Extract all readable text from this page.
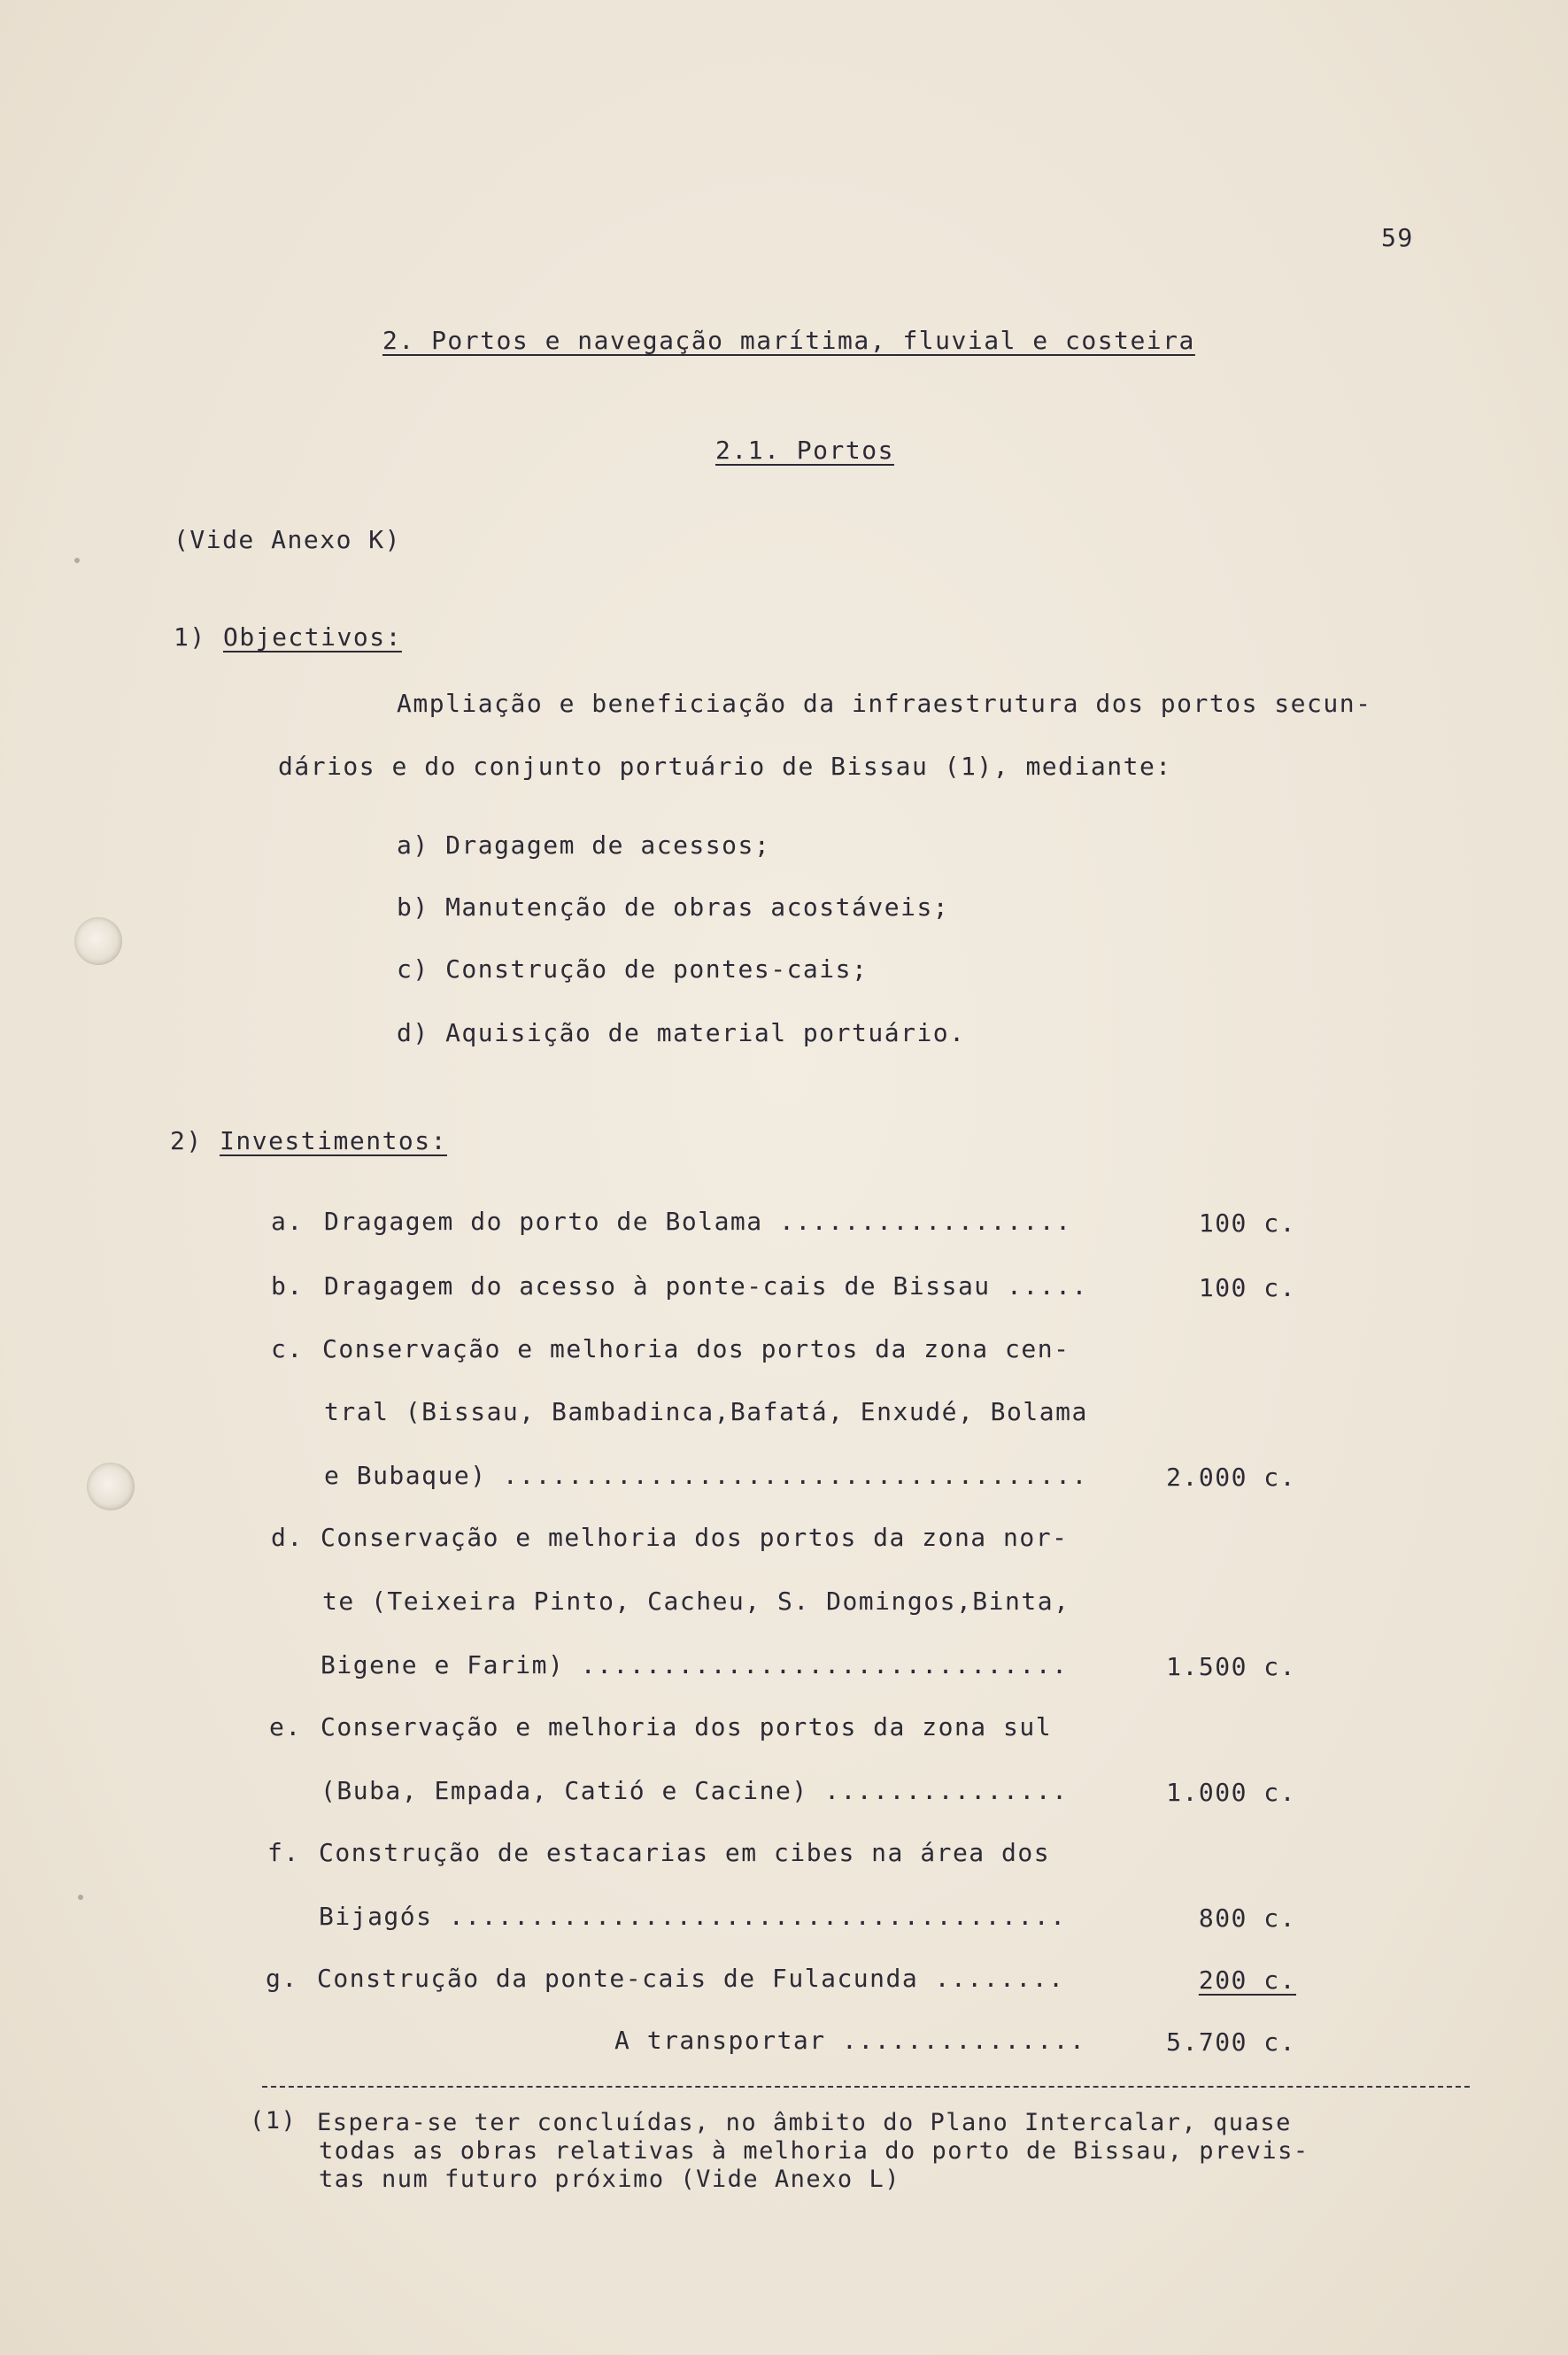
59
2. Portos e navegação marítima, fluvial e costeira
2.1. Portos
(Vide Anexo K)
1) Objectivos:
Ampliação e beneficiação da infraestrutura dos portos secun-
dários e do conjunto portuário de Bissau (1), mediante:
a) Dragagem de acessos;
b) Manutenção de obras acostáveis;
c) Construção de pontes-cais;
d) Aquisição de material portuário.
2) Investimentos:
a. Dragagem do porto de Bolama ..................	100 c.
b. Dragagem do acesso à ponte-cais de Bissau .....	100 c.
c. Conservação e melhoria dos portos da zona cen-
tral (Bissau, Bambadinca,Bafatá, Enxudé, Bolama
e Bubaque) ....................................	2.000 c.
d. Conservação e melhoria dos portos da zona nor-
te (Teixeira Pinto, Cacheu, S. Domingos,Binta,
Bigene e Farim) ..............................	1.500 c.
e. Conservação e melhoria dos portos da zona sul
(Buba, Empada, Catió e Cacine) ...............	1.000 c.
f. Construção de estacarias em cibes na área dos
Bijagós ......................................	800 c.
g. Construção da ponte-cais de Fulacunda ........	200 c.
A transportar ...............	5.700 c.
(1) Espera-se ter concluídas, no âmbito do Plano Intercalar, quase
todas as obras relativas à melhoria do porto de Bissau, previs-
tas num futuro próximo (Vide Anexo L)
